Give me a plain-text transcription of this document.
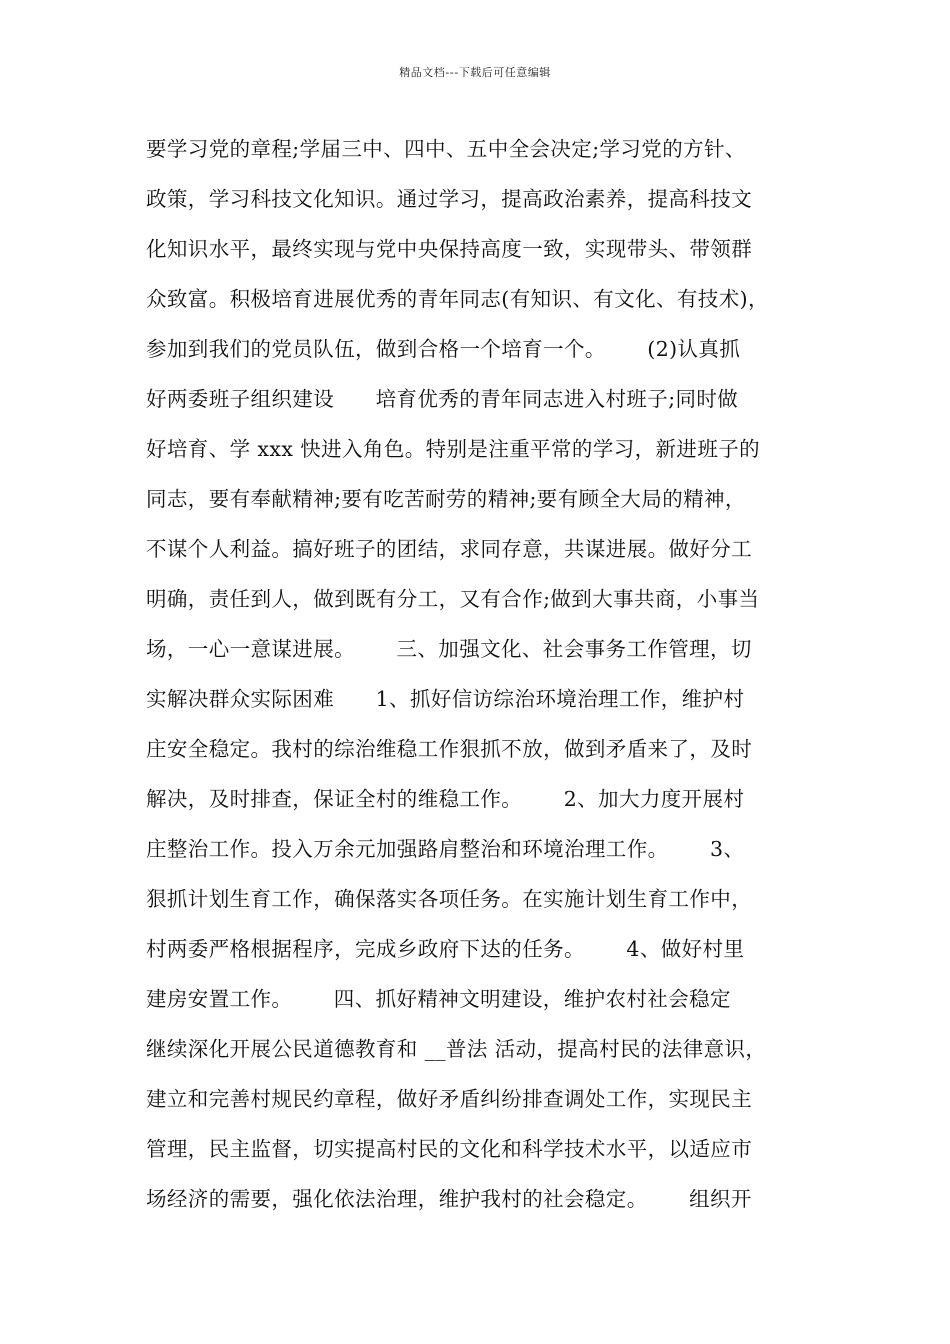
精品文档---下载后可任意编辑
要学习党的章程;学届三中、四中、五中全会决定;学习党的方针、
政策，学习科技文化知识。通过学习，提高政治素养，提高科技文
化知识水平，最终实现与党中央保持高度一致，实现带头、带领群
众致富。积极培育进展优秀的青年同志(有知识、有文化、有技术)，
参加到我们的党员队伍，做到合格一个培育一个。      (2)认真抓
好两委班子组织建设      培育优秀的青年同志进入村班子;同时做
好培育、学 xxx 快进入角色。特别是注重平常的学习，新进班子的
同志，要有奉献精神;要有吃苦耐劳的精神;要有顾全大局的精神，
不谋个人利益。搞好班子的团结，求同存意，共谋进展。做好分工
明确，责任到人，做到既有分工，又有合作;做到大事共商，小事当
场，一心一意谋进展。      三、加强文化、社会事务工作管理，切
实解决群众实际困难      1、抓好信访综治环境治理工作，维护村
庄安全稳定。我村的综治维稳工作狠抓不放，做到矛盾来了，及时
解决，及时排查，保证全村的维稳工作。      2、加大力度开展村
庄整治工作。投入万余元加强路肩整治和环境治理工作。      3、
狠抓计划生育工作，确保落实各项任务。在实施计划生育工作中，
村两委严格根据程序，完成乡政府下达的任务。      4、做好村里
建房安置工作。      四、抓好精神文明建设，维护农村社会稳定
继续深化开展公民道德教育和 __普法 活动，提高村民的法律意识，
建立和完善村规民约章程，做好矛盾纠纷排查调处工作，实现民主
管理，民主监督，切实提高村民的文化和科学技术水平，以适应市
场经济的需要，强化依法治理，维护我村的社会稳定。      组织开
